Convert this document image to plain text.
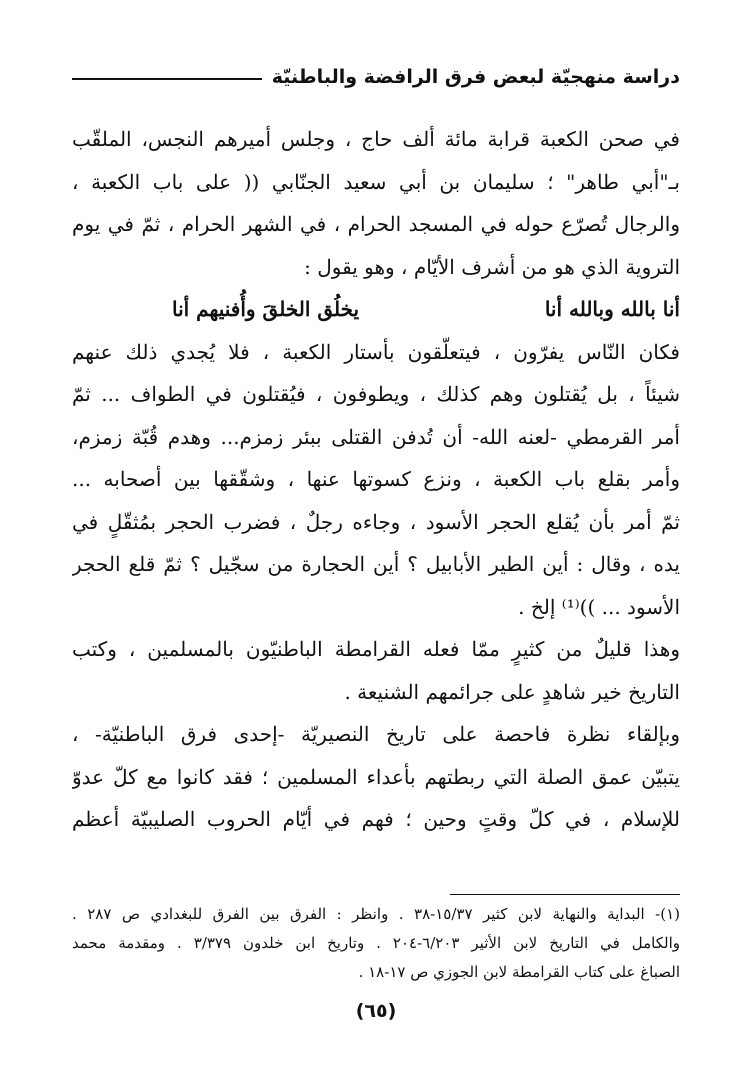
دراسة منهجيّة لبعض فرق الرافضة والباطنيّة

في صحن الكعبة قرابة مائة ألف حاج ، وجلس أميرهم النجس، الملقّب
بـ"أبي طاهر" ؛ سليمان بن أبي سعيد الجنّابي (( على باب الكعبة ،
والرجال تُصرّع حوله في المسجد الحرام ، في الشهر الحرام ، ثمّ في يوم
التروية الذي هو من أشرف الأيّام ، وهو يقول :

أنا بالله وبالله أنا
يخلُق الخلقَ وأُفنيهم أنا

فكان النّاس يفرّون ، فيتعلّقون بأستار الكعبة ، فلا يُجدي ذلك عنهم
شيئاً ، بل يُقتلون وهم كذلك ، ويطوفون ، فيُقتلون في الطواف ... ثمّ
أمر القرمطي -لعنه الله- أن تُدفن القتلى ببئر زمزم... وهدم قُبّة زمزم،
وأمر بقلع باب الكعبة ، ونزع كسوتها عنها ، وشقّقها بين أصحابه ...
ثمّ أمر بأن يُقلع الحجر الأسود ، وجاءه رجلٌ ، فضرب الحجر بمُثقّلٍ في
يده ، وقال : أين الطير الأبابيل ؟ أين الحجارة من سجّيل ؟ ثمّ قلع الحجر
الأسود ... ))⁽¹⁾ إلخ .

وهذا قليلٌ من كثيرٍ ممّا فعله القرامطة الباطنيّون بالمسلمين ، وكتب
التاريخ خير شاهدٍ على جرائمهم الشنيعة .

وبإلقاء نظرة فاحصة على تاريخ النصيريّة -إحدى فرق الباطنيّة- ،
يتبيّن عمق الصلة التي ربطتهم بأعداء المسلمين ؛ فقد كانوا مع كلّ عدوّ
للإسلام ، في كلّ وقتٍ وحين ؛ فهم في أيّام الحروب الصليبيّة أعظم

(١)- البداية والنهاية لابن كثير ١٥/٣٧-٣٨ . وانظر : الفرق بين الفرق للبغدادي ص ٢٨٧ .
والكامل في التاريخ لابن الأثير ٦/٢٠٣-٢٠٤ . وتاريخ ابن خلدون ٣/٣٧٩ . ومقدمة محمد
الصباغ على كتاب القرامطة لابن الجوزي ص ١٧-١٨ .
(٦٥)
